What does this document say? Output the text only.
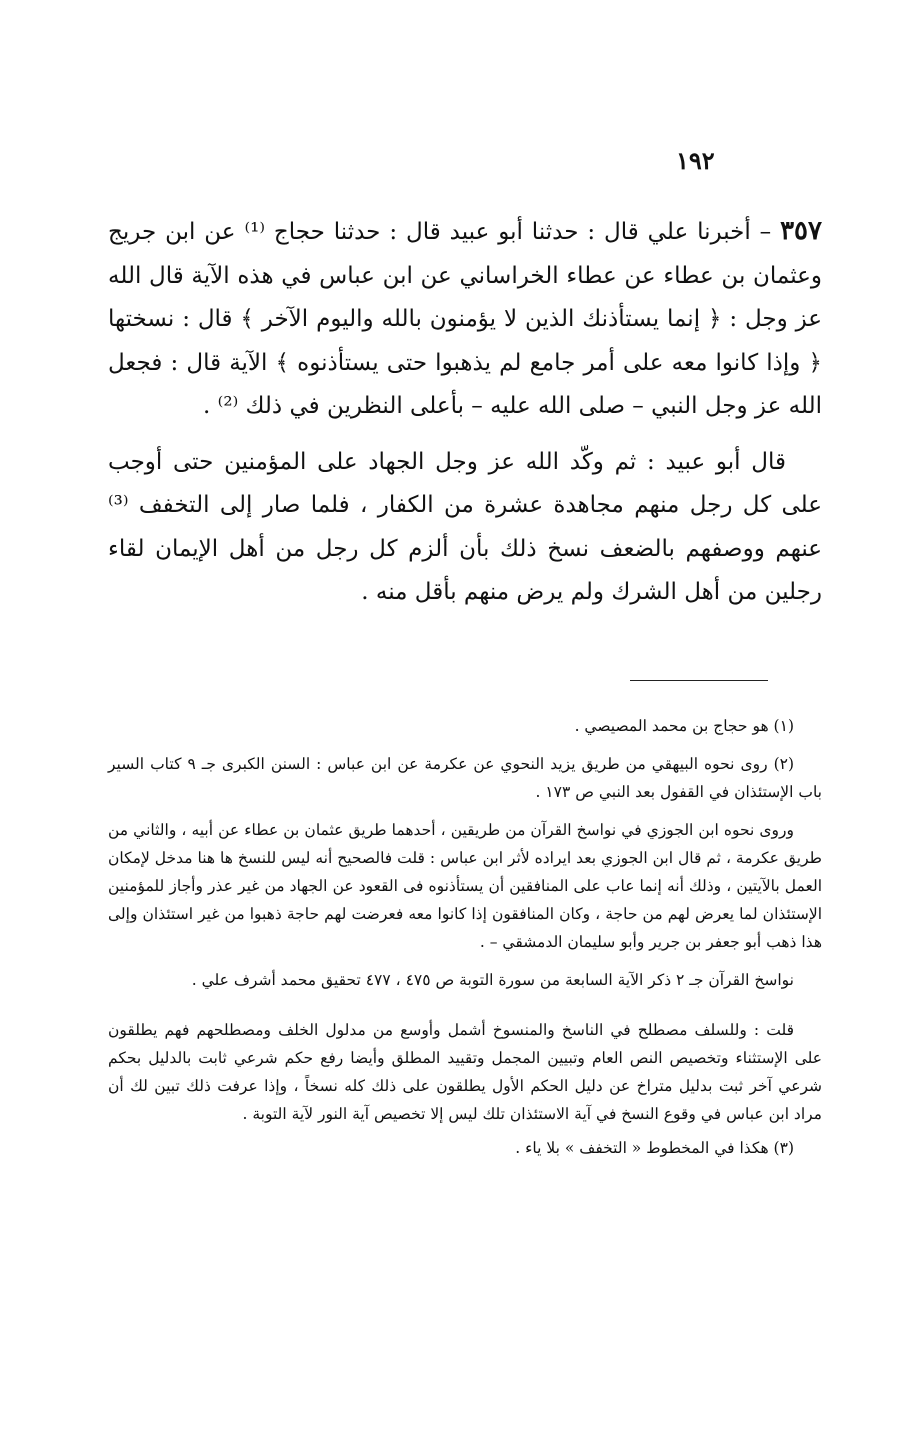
١٩٢

٣٥٧ – أخبرنا علي قال : حدثنا أبو عبيد قال : حدثنا حجاج ⁽¹⁾ عن ابن جريج وعثمان بن عطاء عن عطاء الخراساني عن ابن عباس في هذه الآية قال الله عز وجل : ﴿ إنما يستأذنك الذين لا يؤمنون بالله واليوم الآخر ﴾ قال : نسختها ﴿ وإذا كانوا معه على أمر جامع لم يذهبوا حتى يستأذنوه ﴾ الآية قال : فجعل الله عز وجل النبي – صلى الله عليه – بأعلى النظرين في ذلك ⁽²⁾ .

قال أبو عبيد : ثم وكّد الله عز وجل الجهاد على المؤمنين حتى أوجب على كل رجل منهم مجاهدة عشرة من الكفار ، فلما صار إلى التخفف ⁽³⁾ عنهم ووصفهم بالضعف نسخ ذلك بأن ألزم كل رجل من أهل الإيمان لقاء رجلين من أهل الشرك ولم يرض منهم بأقل منه .

(١) هو حجاج بن محمد المصيصي .

(٢) روى نحوه البيهقي من طريق يزيد النحوي عن عكرمة عن ابن عباس : السنن الكبرى جـ ٩ كتاب السير باب الإستئذان في القفول بعد النبي ص ١٧٣ .

وروى نحوه ابن الجوزي في نواسخ القرآن من طريقين ، أحدهما طريق عثمان بن عطاء عن أبيه ، والثاني من طريق عكرمة ، ثم قال ابن الجوزي بعد ايراده لأثر ابن عباس : قلت فالصحيح أنه ليس للنسخ ها هنا مدخل لإمكان العمل بالآيتين ، وذلك أنه إنما عاب على المنافقين أن يستأذنوه فى القعود عن الجهاد من غير عذر وأجاز للمؤمنين الإستئذان لما يعرض لهم من حاجة ، وكان المنافقون إذا كانوا معه فعرضت لهم حاجة ذهبوا من غير استئذان وإلى هذا ذهب أبو جعفر بن جرير وأبو سليمان الدمشقي – .

نواسخ القرآن جـ ٢ ذكر الآية السابعة من سورة التوبة ص ٤٧٥ ، ٤٧٧ تحقيق محمد أشرف علي .

قلت : وللسلف مصطلح في الناسخ والمنسوخ أشمل وأوسع من مدلول الخلف ومصطلحهم فهم يطلقون على الإستثناء وتخصيص النص العام وتبيين المجمل وتقييد المطلق وأيضا رفع حكم شرعي ثابت بالدليل بحكم شرعي آخر ثبت بدليل متراخ عن دليل الحكم الأول يطلقون على ذلك كله نسخاً ، وإذا عرفت ذلك تبين لك أن مراد ابن عباس في وقوع النسخ في آية الاستئذان تلك ليس إلا تخصيص آية النور لآية التوبة .

(٣) هكذا في المخطوط « التخفف » بلا ياء .
